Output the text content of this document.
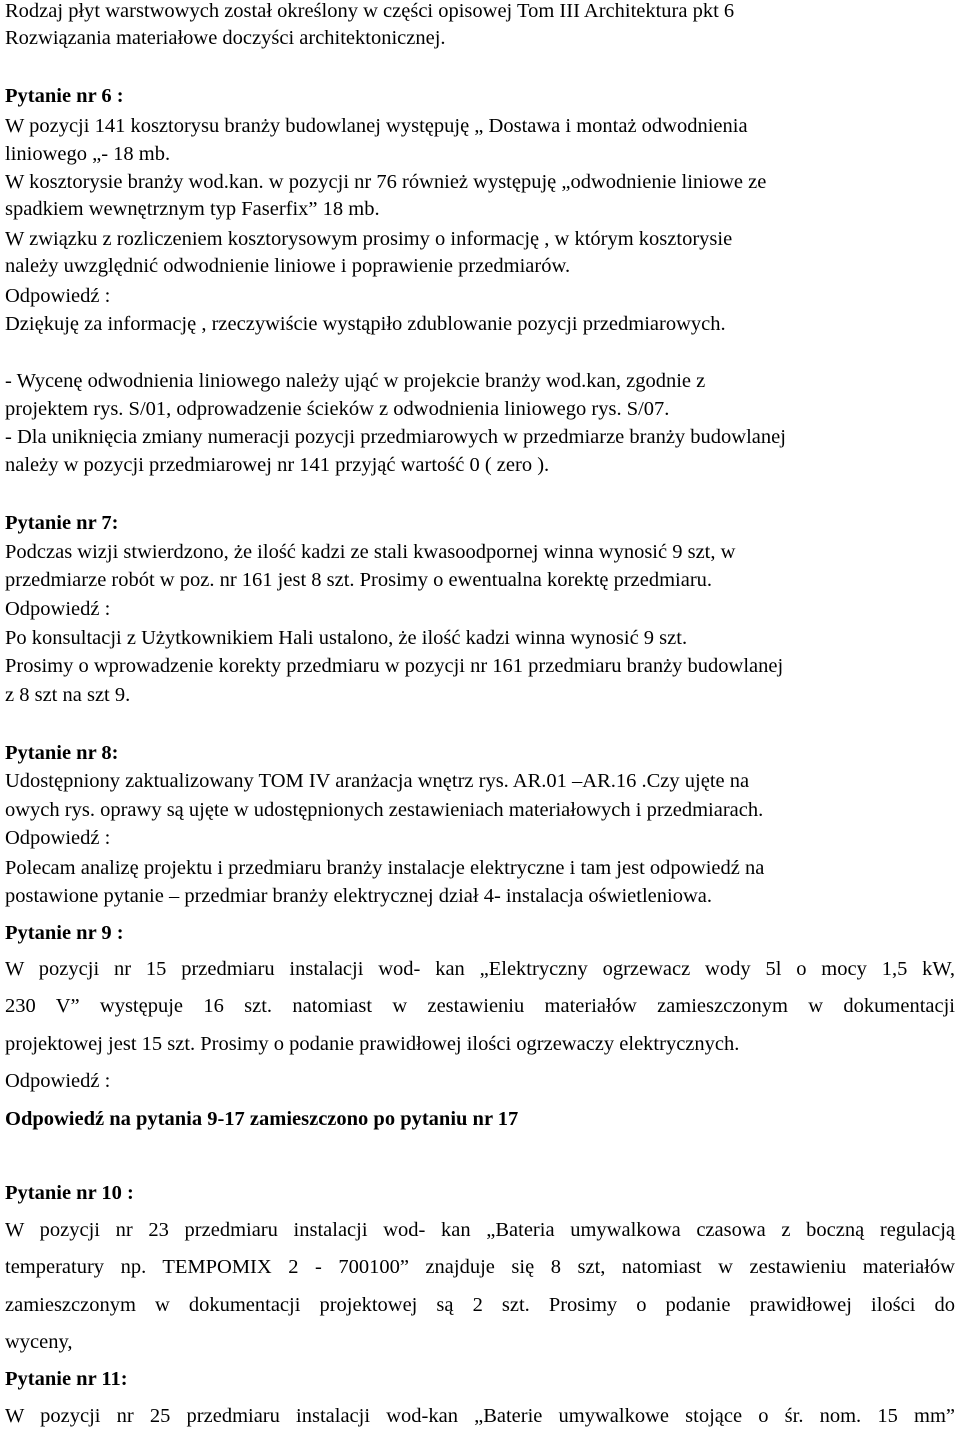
Rodzaj płyt warstwowych został określony w części opisowej Tom III Architektura pkt 6
Rozwiązania materiałowe doczyści architektonicznej.
Pytanie nr 6 :
W pozycji 141 kosztorysu branży budowlanej występuję „ Dostawa i montaż odwodnienia
liniowego „- 18 mb.
W kosztorysie branży wod.kan. w pozycji nr 76 również występuję „odwodnienie liniowe ze
spadkiem wewnętrznym typ Faserfix” 18 mb.
W związku z rozliczeniem kosztorysowym prosimy o informację , w którym kosztorysie
należy uwzględnić odwodnienie liniowe i poprawienie przedmiarów.
Odpowiedź :
Dziękuję za informację , rzeczywiście wystąpiło zdublowanie pozycji przedmiarowych.
- Wycenę odwodnienia liniowego należy ująć w projekcie branży wod.kan, zgodnie z
projektem rys. S/01, odprowadzenie ścieków z odwodnienia liniowego rys. S/07.
- Dla uniknięcia zmiany numeracji pozycji przedmiarowych w przedmiarze branży budowlanej
należy w pozycji przedmiarowej nr 141 przyjąć wartość 0 ( zero ).
Pytanie nr 7:
Podczas wizji stwierdzono, że ilość kadzi ze stali kwasoodpornej winna wynosić 9 szt, w
przedmiarze robót w poz. nr 161 jest 8 szt. Prosimy o ewentualna korektę przedmiaru.
Odpowiedź :
Po konsultacji z Użytkownikiem Hali ustalono, że ilość kadzi winna wynosić 9 szt.
Prosimy o wprowadzenie korekty przedmiaru w pozycji nr 161 przedmiaru branży budowlanej
z 8 szt na szt 9.
Pytanie nr 8:
Udostępniony zaktualizowany TOM IV aranżacja wnętrz rys. AR.01 –AR.16 .Czy ujęte na
owych rys. oprawy są ujęte w udostępnionych zestawieniach materiałowych i przedmiarach.
Odpowiedź :
Polecam analizę projektu i przedmiaru branży instalacje elektryczne i tam jest odpowiedź na
postawione pytanie – przedmiar branży elektrycznej dział 4- instalacja oświetleniowa.
Pytanie nr 9 :
W pozycji nr 15 przedmiaru instalacji wod- kan „Elektryczny ogrzewacz wody 5l o mocy 1,5 kW,
230 V” występuje 16 szt. natomiast w zestawieniu materiałów zamieszczonym w dokumentacji
projektowej jest 15 szt. Prosimy o podanie prawidłowej ilości ogrzewaczy elektrycznych.
Odpowiedź :
Odpowiedź na pytania 9-17 zamieszczono po pytaniu nr 17
Pytanie nr 10 :
W pozycji nr 23 przedmiaru instalacji wod- kan „Bateria umywalkowa czasowa z boczną regulacją
temperatury np. TEMPOMIX 2 - 700100” znajduje się 8 szt, natomiast w zestawieniu materiałów
zamieszczonym w dokumentacji projektowej są 2 szt. Prosimy o podanie prawidłowej ilości do
wyceny,
Pytanie nr 11:
W pozycji nr 25 przedmiaru instalacji wod-kan „Baterie umywalkowe stojące o śr. nom. 15 mm”
